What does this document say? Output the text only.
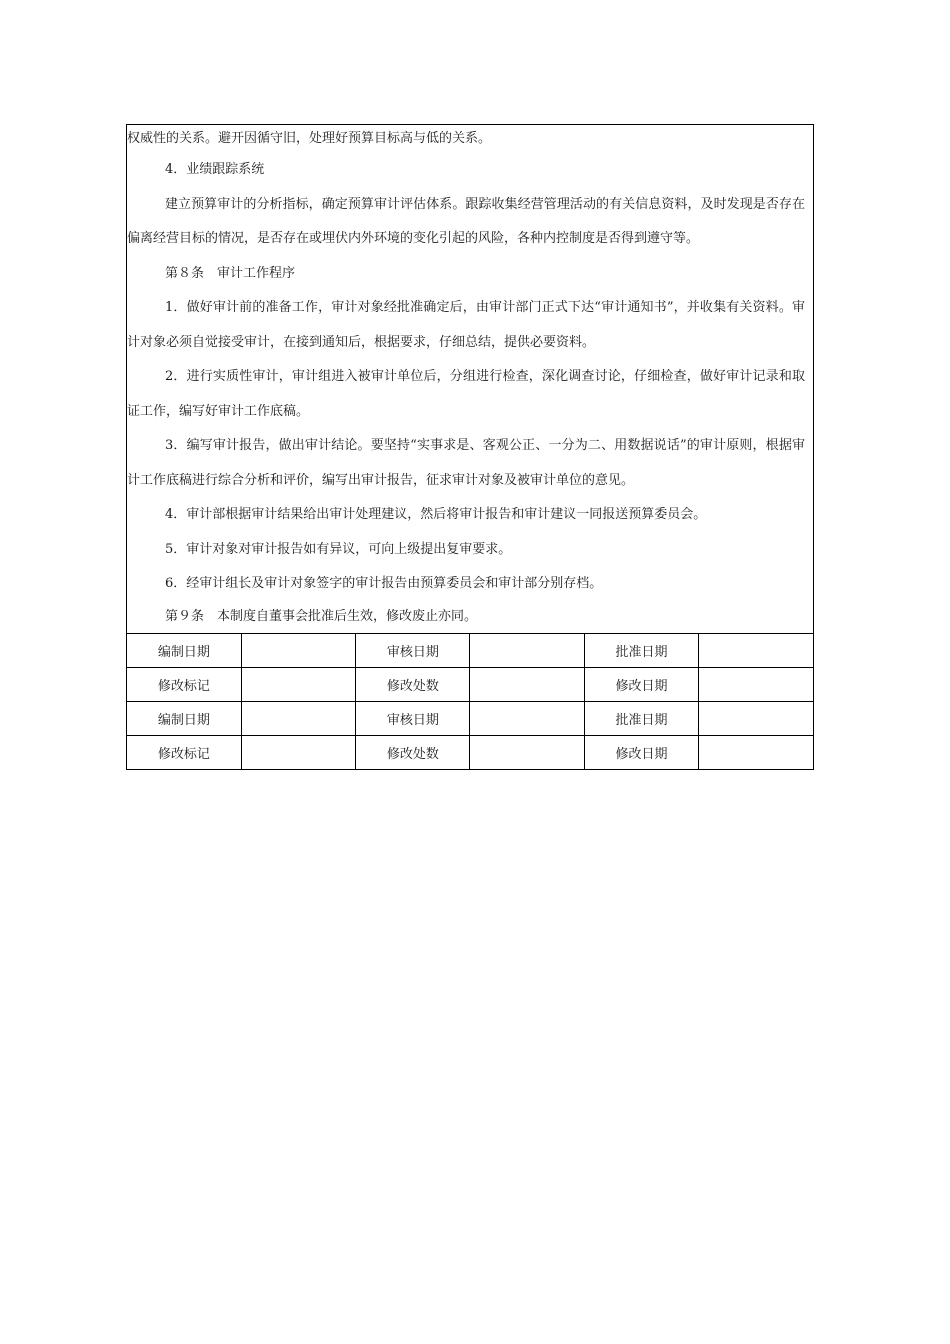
权威性的关系。避开因循守旧，处理好预算目标高与低的关系。

4．业绩跟踪系统

建立预算审计的分析指标，确定预算审计评估体系。跟踪收集经营管理活动的有关信息资料，及时发现是否存在偏离经营目标的情况，是否存在或埋伏内外环境的变化引起的风险，各种内控制度是否得到遵守等。

第８条　审计工作程序

1．做好审计前的准备工作，审计对象经批准确定后，由审计部门正式下达“审计通知书”，并收集有关资料。审计对象必须自觉接受审计，在接到通知后，根据要求，仔细总结，提供必要资料。

2．进行实质性审计，审计组进入被审计单位后，分组进行检查，深化调查讨论，仔细检查，做好审计记录和取证工作，编写好审计工作底稿。

3．编写审计报告，做出审计结论。要坚持“实事求是、客观公正、一分为二、用数据说话”的审计原则，根据审计工作底稿进行综合分析和评价，编写出审计报告，征求审计对象及被审计单位的意见。

4．审计部根据审计结果给出审计处理建议，然后将审计报告和审计建议一同报送预算委员会。

5．审计对象对审计报告如有异议，可向上级提出复审要求。

6．经审计组长及审计对象签字的审计报告由预算委员会和审计部分别存档。

第９条　本制度自董事会批准后生效，修改废止亦同。

编制日期		审核日期		批准日期	
修改标记		修改处数		修改日期	
编制日期		审核日期		批准日期	
修改标记		修改处数		修改日期	
